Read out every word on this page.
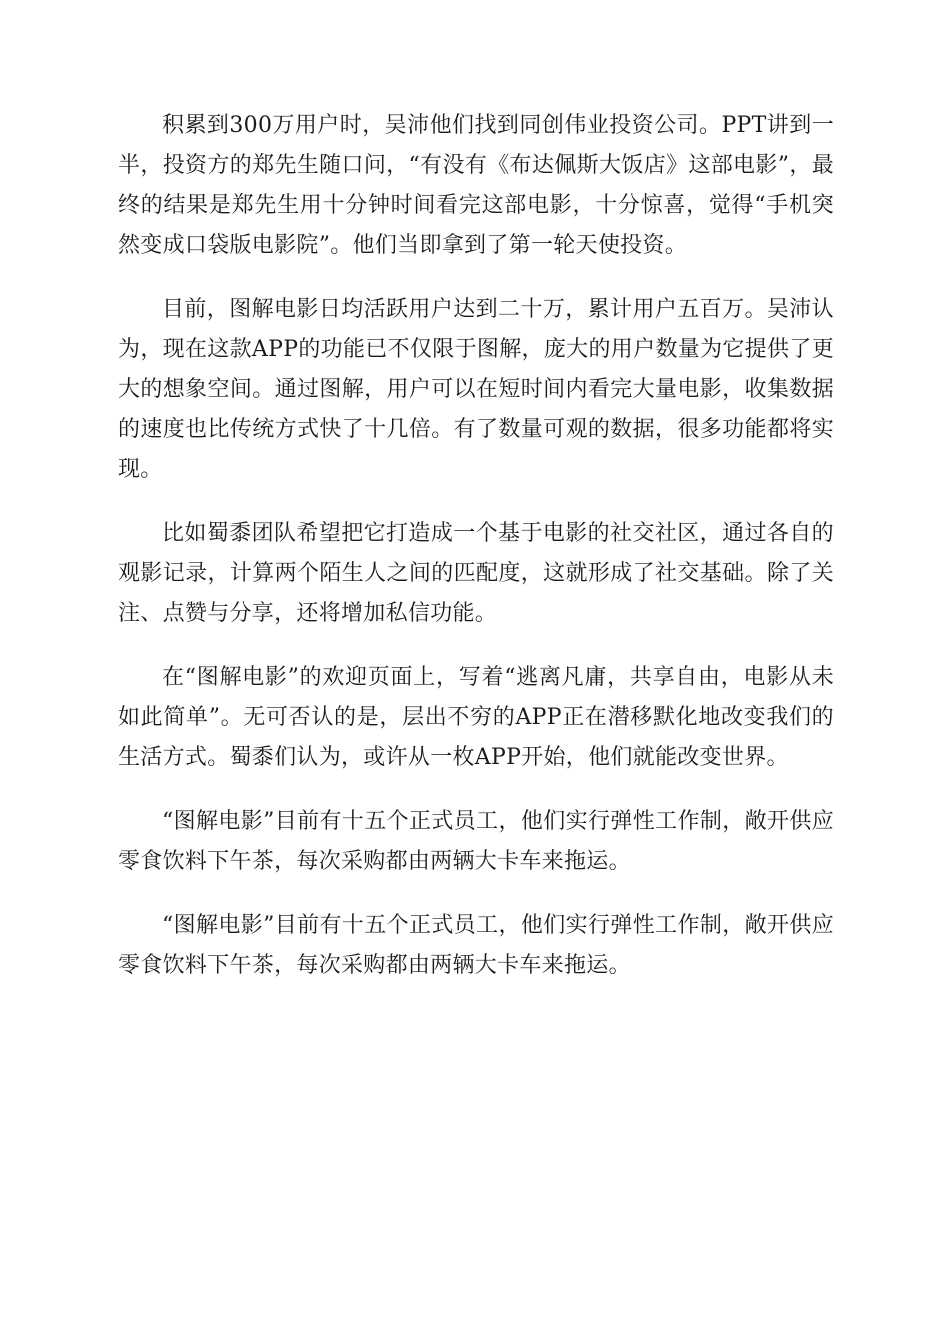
积累到300万用户时，吴沛他们找到同创伟业投资公司。PPT讲到一半，投资方的郑先生随口问，“有没有《布达佩斯大饭店》这部电影”，最终的结果是郑先生用十分钟时间看完这部电影，十分惊喜，觉得“手机突然变成口袋版电影院”。他们当即拿到了第一轮天使投资。

目前，图解电影日均活跃用户达到二十万，累计用户五百万。吴沛认为，现在这款APP的功能已不仅限于图解，庞大的用户数量为它提供了更大的想象空间。通过图解，用户可以在短时间内看完大量电影，收集数据的速度也比传统方式快了十几倍。有了数量可观的数据，很多功能都将实现。

比如蜀黍团队希望把它打造成一个基于电影的社交社区，通过各自的观影记录，计算两个陌生人之间的匹配度，这就形成了社交基础。除了关注、点赞与分享，还将增加私信功能。

在“图解电影”的欢迎页面上，写着“逃离凡庸，共享自由，电影从未如此简单”。无可否认的是，层出不穷的APP正在潜移默化地改变我们的生活方式。蜀黍们认为，或许从一枚APP开始，他们就能改变世界。

“图解电影”目前有十五个正式员工，他们实行弹性工作制，敞开供应零食饮料下午茶，每次采购都由两辆大卡车来拖运。

“图解电影”目前有十五个正式员工，他们实行弹性工作制，敞开供应零食饮料下午茶，每次采购都由两辆大卡车来拖运。
